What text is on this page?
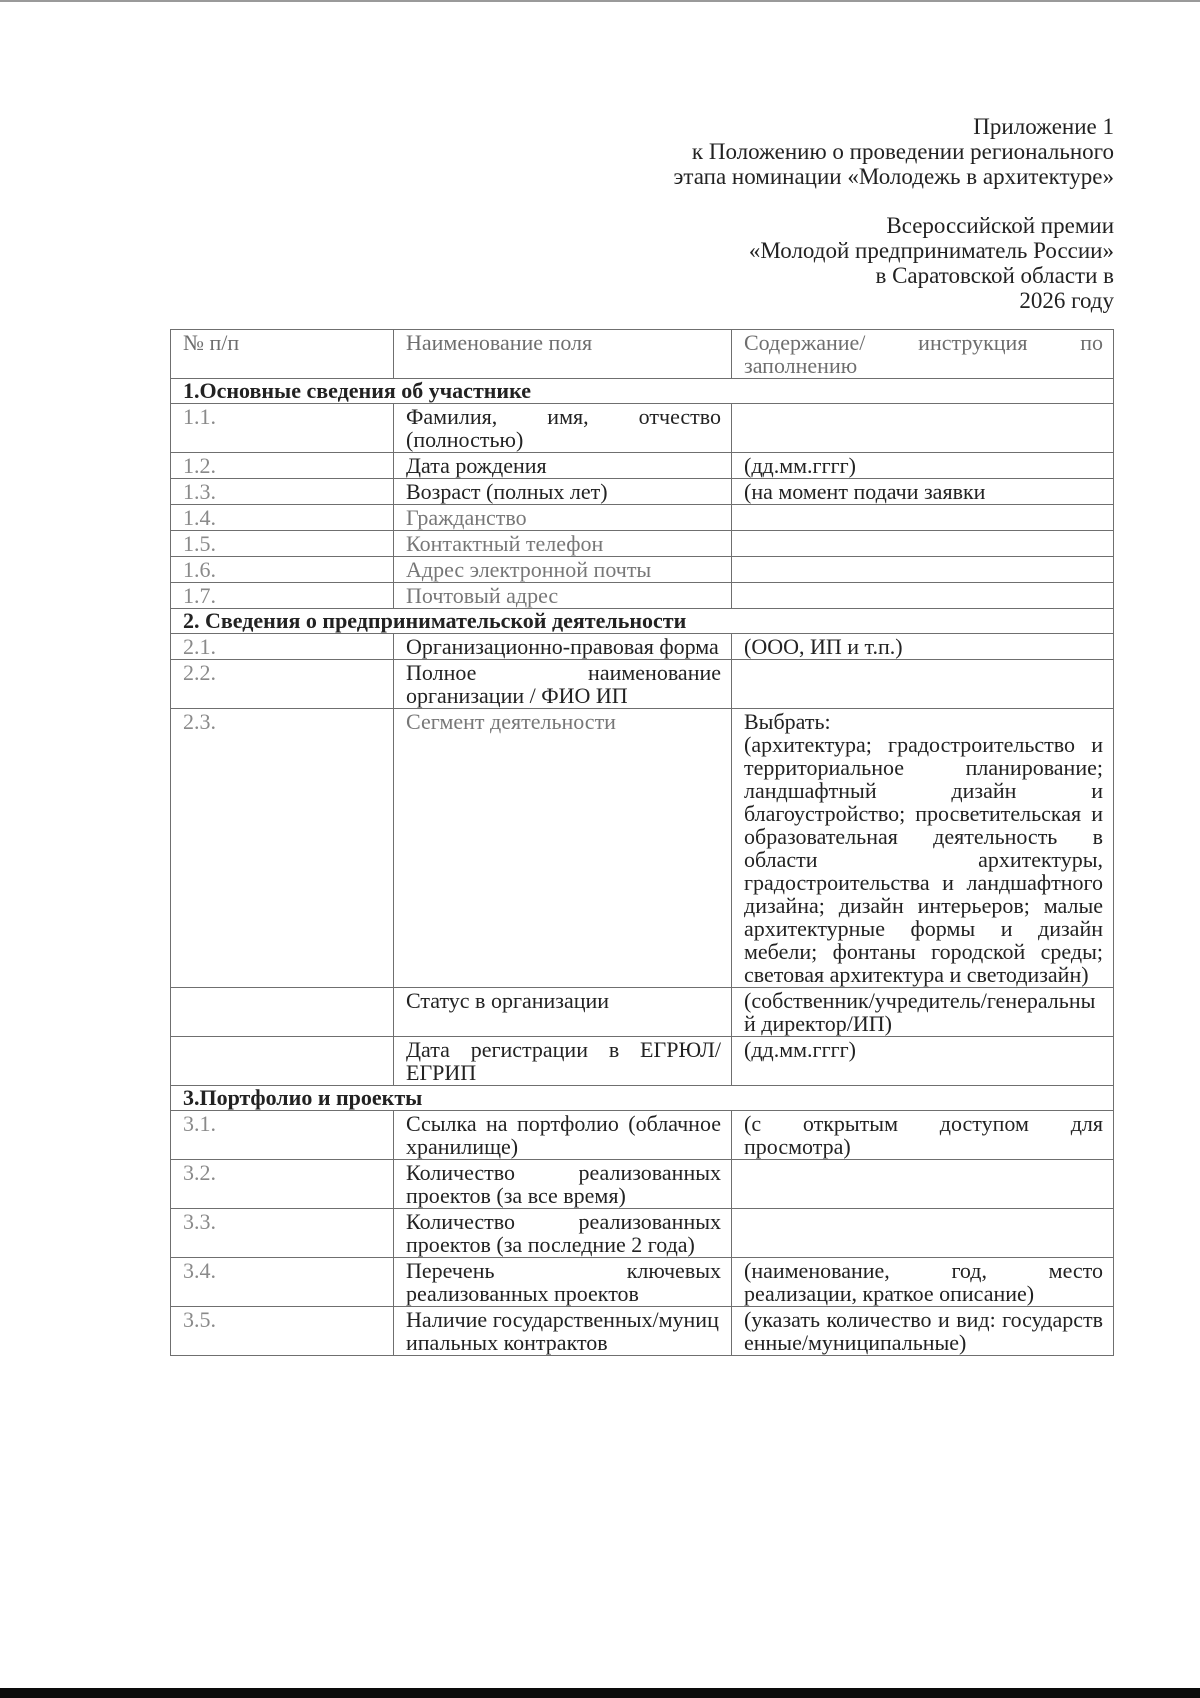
Приложение 1
к Положению о проведении регионального
этапа номинации «Молодежь в архитектуре»
Всероссийской премии
«Молодой предприниматель России»
в Саратовской области в
2026 году
№ п/п	Наименование поля	Содержание/ инструкция по заполнению
1.Основные сведения об участнике		
1.1.	Фамилия, имя, отчество (полностью)	
1.2.	Дата рождения	(дд.мм.гггг)
1.3.	Возраст (полных лет)	(на момент подачи заявки
1.4.	Гражданство	
1.5.	Контактный телефон	
1.6.	Адрес электронной почты	
1.7.	Почтовый адрес	
2. Сведения о предпринимательской деятельности		
2.1.	Организационно-правовая форма	(ООО, ИП и т.п.)
2.2.	Полное наименование организации / ФИО ИП	
2.3.	Сегмент деятельности	Выбрать:
(архитектура; градостроительство и территориальное планирование; ландшафтный дизайн и благоустройство; просветительская и образовательная деятельность в области архитектуры, градостроительства и ландшафтного дизайна; дизайн интерьеров; малые архитектурные формы и дизайн мебели; фонтаны городской среды; световая архитектура и светодизайн)

	Статус в организации	(собственник/учредитель/генеральный директор/ИП)
	Дата регистрации в ЕГРЮЛ/ЕГРИП	(дд.мм.гггг)
3.Портфолио и проекты		
3.1.	Ссылка на портфолио (облачное хранилище)	(с открытым доступом для просмотра)
3.2.	Количество реализованных проектов (за все время)	
3.3.	Количество реализованных проектов (за последние 2 года)	
3.4.	Перечень ключевых реализованных проектов	(наименование, год, место реализации, краткое описание)
3.5.	Наличие государственных/муниципальных контрактов	(указать количество и вид: государственные/муниципальные)
